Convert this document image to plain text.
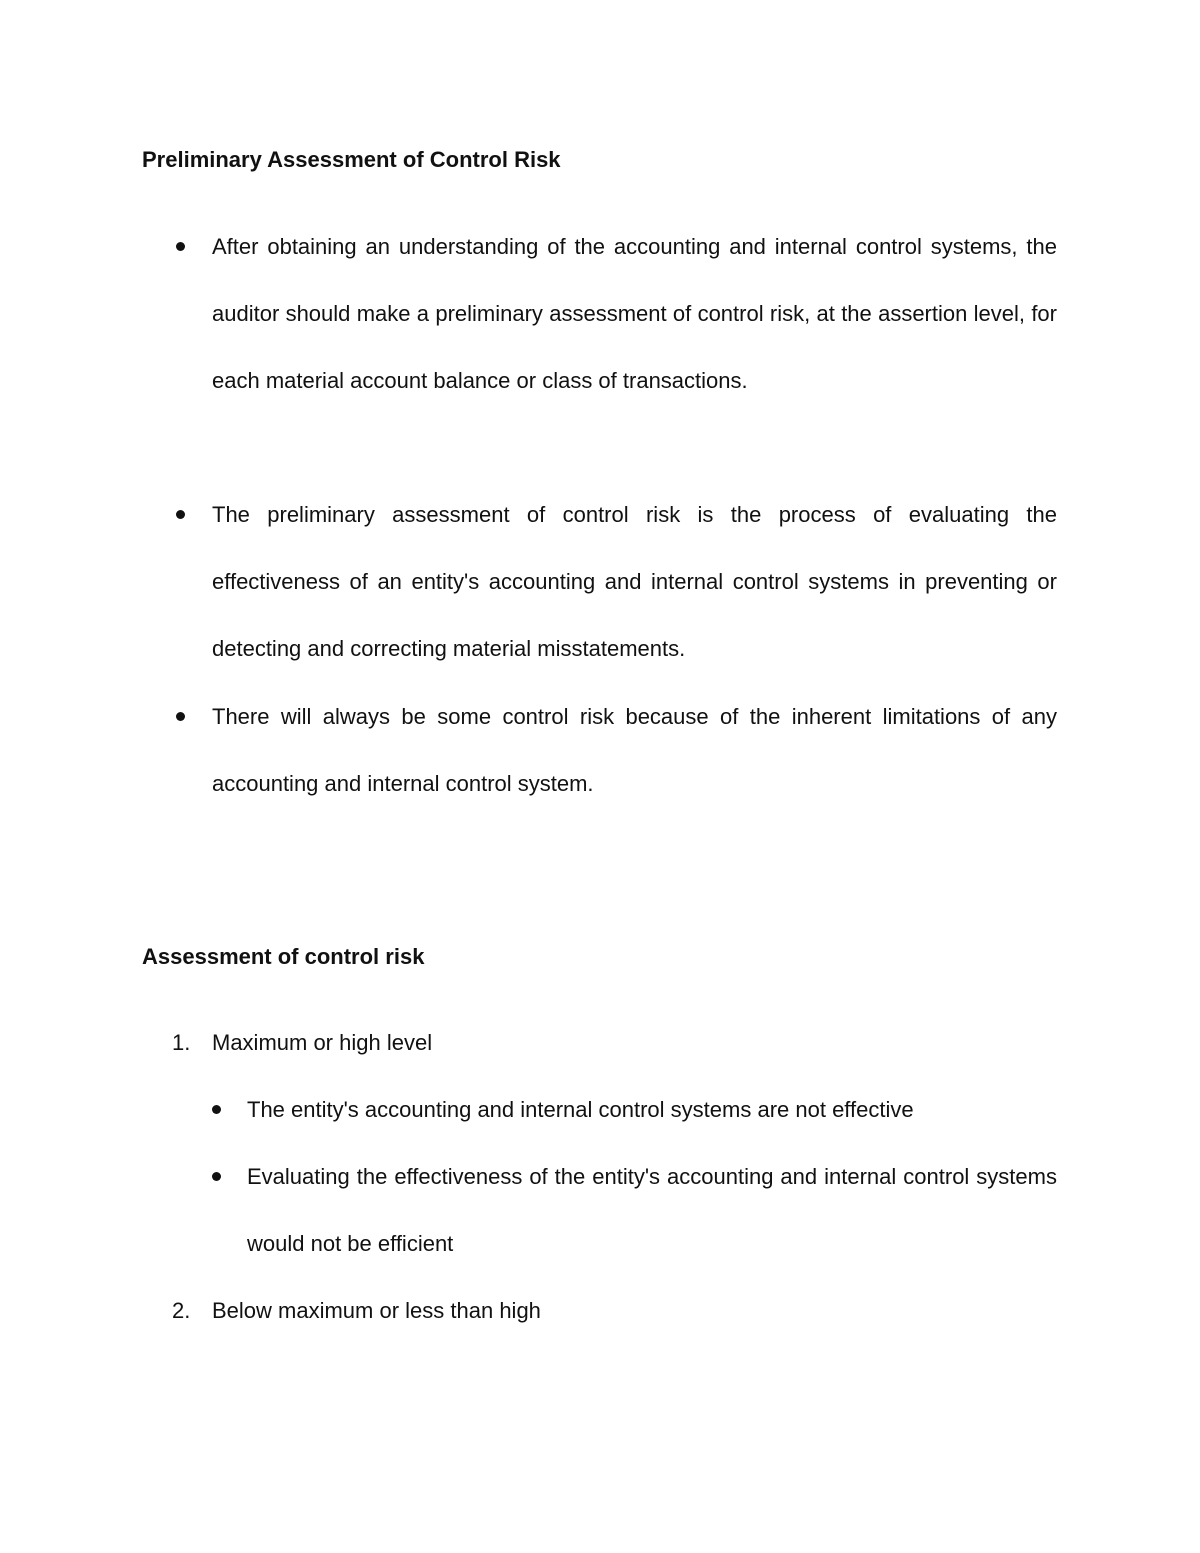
Preliminary Assessment of Control Risk
After obtaining an understanding of the accounting and internal control systems, the auditor should make a preliminary assessment of control risk, at the assertion level, for each material account balance or class of transactions.
The preliminary assessment of control risk is the process of evaluating the effectiveness of an entity's accounting and internal control systems in preventing or detecting and correcting material misstatements.
There will always be some control risk because of the inherent limitations of any accounting and internal control system.
Assessment of control risk
1. Maximum or high level
The entity's accounting and internal control systems are not effective
Evaluating the effectiveness of the entity's accounting and internal control systems would not be efficient
2. Below maximum or less than high
